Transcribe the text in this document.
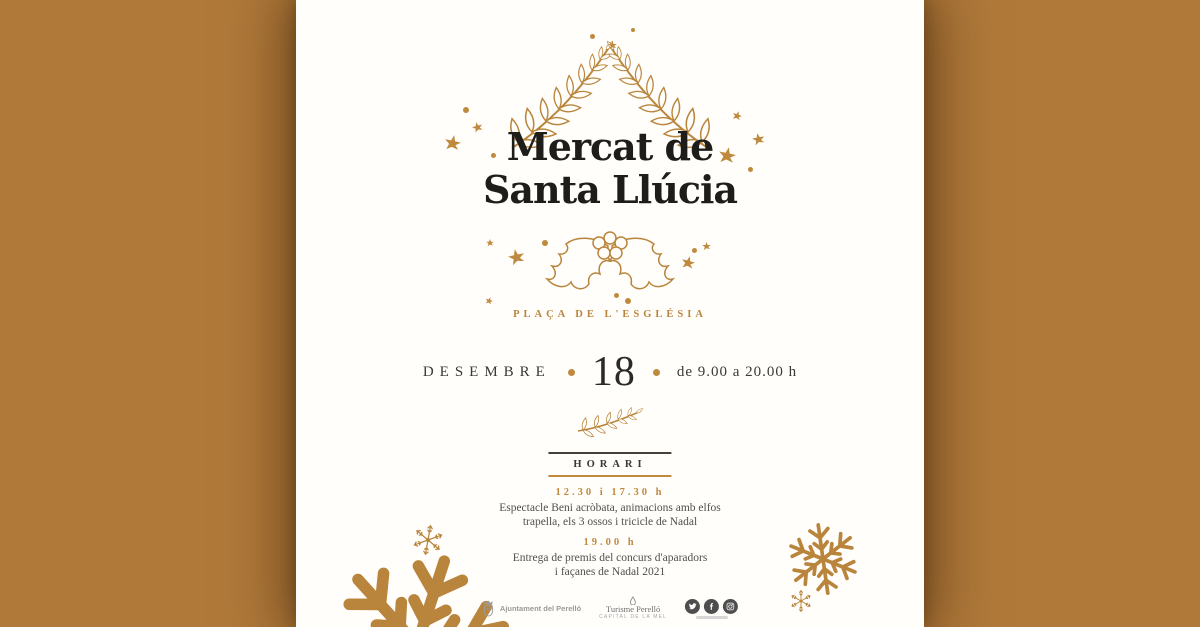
Mercat de
Santa Llúcia
PLAÇA DE L'ESGLÉSIA
DESEMBRE 18	de 9.00 a 20.00 h
HORARI
12.30 i 17.30 h
Espectacle Beni acròbata, animacions amb elfos
trapella, els 3 ossos i tricicle de Nadal
19.00 h
Entrega de premis del concurs d'aparadors
i façanes de Nadal 2021
Ajuntament del Perelló	Turisme Perelló
CAPITAL DE LA MEL
